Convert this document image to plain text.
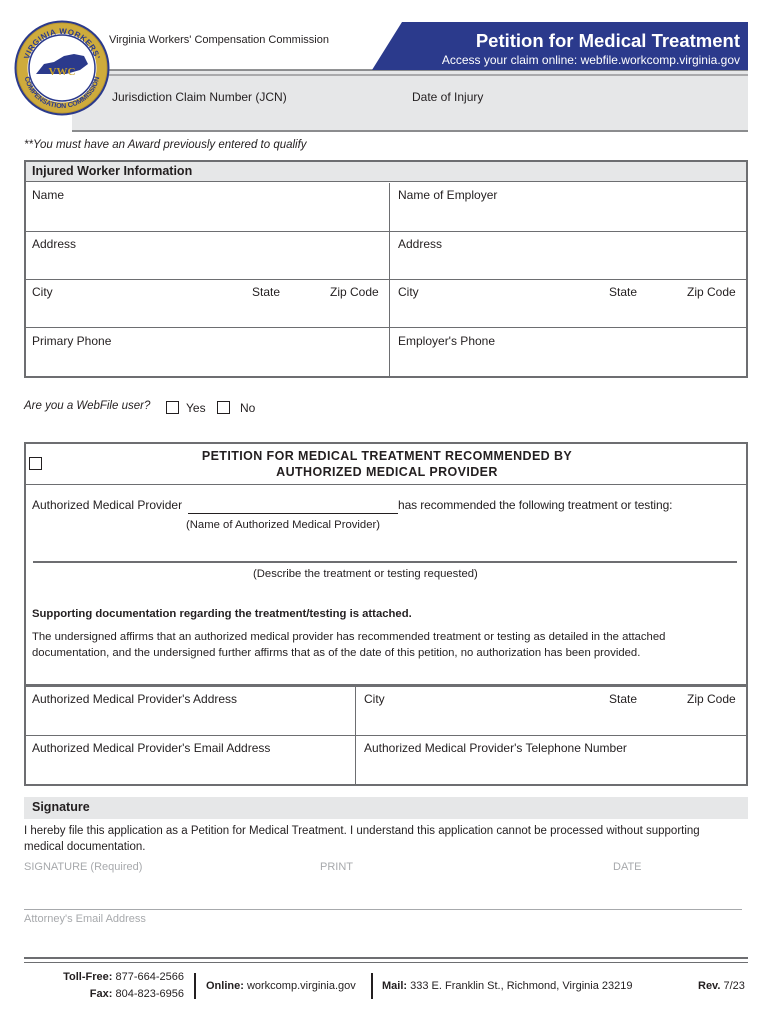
VIRGINIA WORKERS'
COMPENSATION COMMISSION
VWC
Virginia Workers' Compensation Commission	Petition for Medical Treatment
Access your claim online: webfile.workcomp.virginia.gov
Jurisdiction Claim Number (JCN)	Date of Injury
**You must have an Award previously entered to qualify
Injured Worker Information
Name	Name of Employer
Address	Address
City	State	Zip Code City	State	Zip Code
Primary Phone	Employer's Phone
Are you a WebFile user?	Yes	No
PETITION FOR MEDICAL TREATMENT RECOMMENDED BY
AUTHORIZED MEDICAL PROVIDER
Authorized Medical Provider	has recommended the following treatment or testing:
(Name of Authorized Medical Provider)
(Describe the treatment or testing requested)
Supporting documentation regarding the treatment/testing is attached.
The undersigned affirms that an authorized medical provider has recommended treatment or testing as detailed in the attached
documentation, and the undersigned further affirms that as of the date of this petition, no authorization has been provided.
Authorized Medical Provider's Address	City	State	Zip Code
Authorized Medical Provider's Email Address	Authorized Medical Provider's Telephone Number
Signature
I hereby file this application as a Petition for Medical Treatment. I understand this application cannot be processed without supporting
medical documentation.
SIGNATURE (Required)	PRINT	DATE
Attorney's Email Address
Toll-Free: 877-664-2566
Fax: 804-823-6956
Online: workcomp.virginia.gov Mail: 333 E. Franklin St., Richmond, Virginia 23219	Rev. 7/23
